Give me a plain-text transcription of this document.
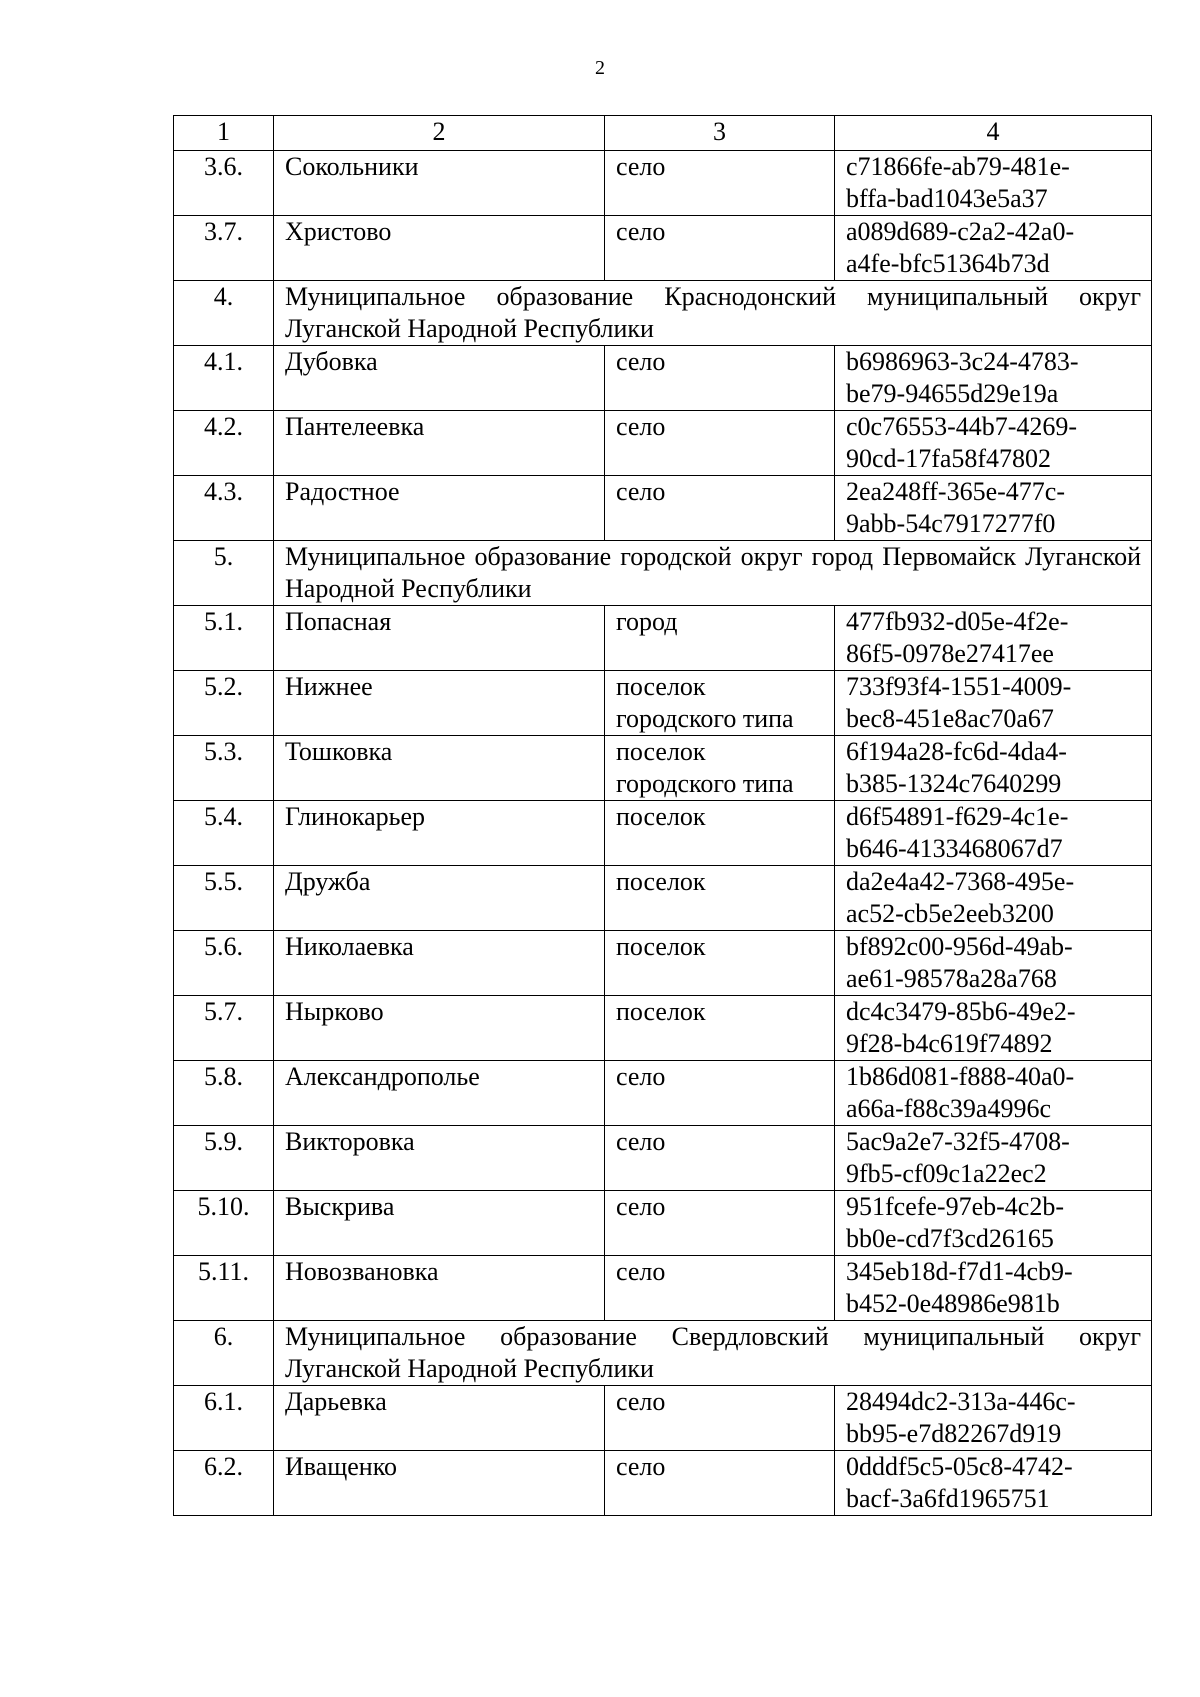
2
1	2	3	4
3.6.	Сокольники	село	c71866fe-ab79-481e-
bffa-bad1043e5a37

3.7.	Христово	село	a089d689-c2a2-42a0-
a4fe-bfc51364b73d

4.	Муниципальное образование Краснодонский муниципальный округ Луганской Народной Республики		
4.1.	Дубовка	село	b6986963-3c24-4783-
be79-94655d29e19a

4.2.	Пантелеевка	село	c0c76553-44b7-4269-
90cd-17fa58f47802

4.3.	Радостное	село	2ea248ff-365e-477c-
9abb-54c7917277f0

5.	Муниципальное образование городской округ город Первомайск Луганской Народной Республики		
5.1.	Попасная	город	477fb932-d05e-4f2e-
86f5-0978e27417ee

5.2.	Нижнее	поселок городского типа	733f93f4-1551-4009-
bec8-451e8ac70a67

5.3.	Тошковка	поселок городского типа	6f194a28-fc6d-4da4-
b385-1324c7640299

5.4.	Глинокарьер	поселок	d6f54891-f629-4c1e-
b646-4133468067d7

5.5.	Дружба	поселок	da2e4a42-7368-495e-
ac52-cb5e2eeb3200

5.6.	Николаевка	поселок	bf892c00-956d-49ab-
ae61-98578a28a768

5.7.	Нырково	поселок	dc4c3479-85b6-49e2-
9f28-b4c619f74892

5.8.	Александрополье	село	1b86d081-f888-40a0-
a66a-f88c39a4996c

5.9.	Викторовка	село	5ac9a2e7-32f5-4708-
9fb5-cf09c1a22ec2

5.10.	Выскрива	село	951fcefe-97eb-4c2b-
bb0e-cd7f3cd26165

5.11.	Новозвановка	село	345eb18d-f7d1-4cb9-
b452-0e48986e981b

6.	Муниципальное образование Свердловский муниципальный округ Луганской Народной Республики		
6.1.	Дарьевка	село	28494dc2-313a-446c-
bb95-e7d82267d919

6.2.	Иващенко	село	0dddf5c5-05c8-4742-
bacf-3a6fd1965751
